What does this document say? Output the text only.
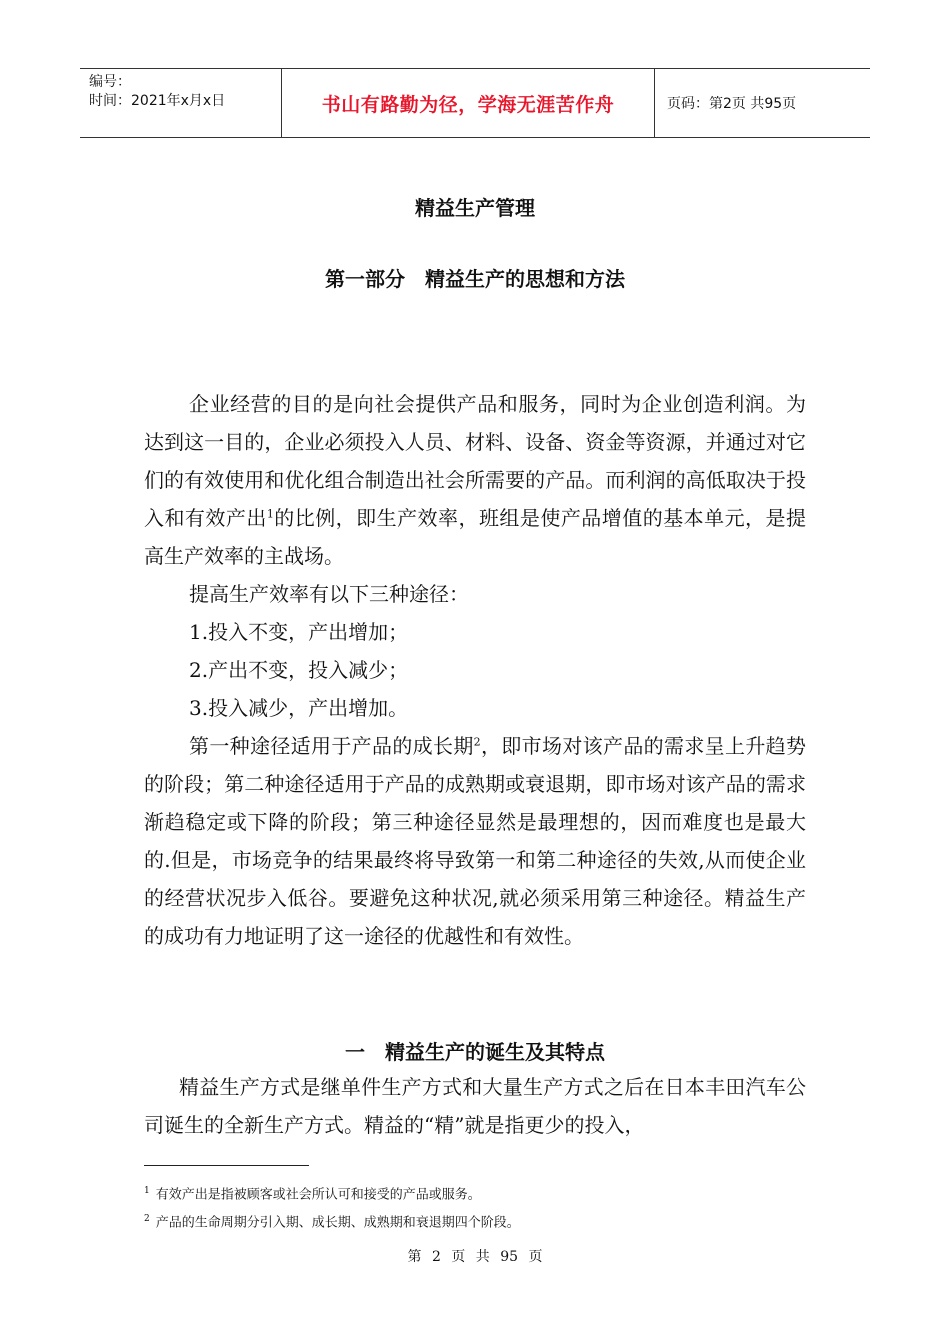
编号：
时间：2021年x月x日	书山有路勤为径，学海无涯苦作舟	页码：第2页 共95页
精益生产管理
第一部分　精益生产的思想和方法

企业经营的目的是向社会提供产品和服务，同时为企业创造利润。为达到这一目的，企业必须投入人员、材料、设备、资金等资源，并通过对它们的有效使用和优化组合制造出社会所需要的产品。而利润的高低取决于投入和有效产出$^1$的比例，即生产效率，班组是使产品增值的基本单元，是提高生产效率的主战场。

提高生产效率有以下三种途径：

1.投入不变，产出增加；

2.产出不变，投入减少；

3.投入减少，产出增加。

第一种途径适用于产品的成长期$^2$，即市场对该产品的需求呈上升趋势的阶段；第二种途径适用于产品的成熟期或衰退期，即市场对该产品的需求渐趋稳定或下降的阶段；第三种途径显然是最理想的，因而难度也是最大的.但是，市场竞争的结果最终将导致第一和第二种途径的失效,从而使企业的经营状况步入低谷。要避免这种状况,就必须采用第三种途径。精益生产的成功有力地证明了这一途径的优越性和有效性。

一　精益生产的诞生及其特点

精益生产方式是继单件生产方式和大量生产方式之后在日本丰田汽车公司诞生的全新生产方式。精益的“精”就是指更少的投入，

$^1$ 有效产出是指被顾客或社会所认可和接受的产品或服务。
$^2$ 产品的生命周期分引入期、成长期、成熟期和衰退期四个阶段。
第 2 页 共 95 页
